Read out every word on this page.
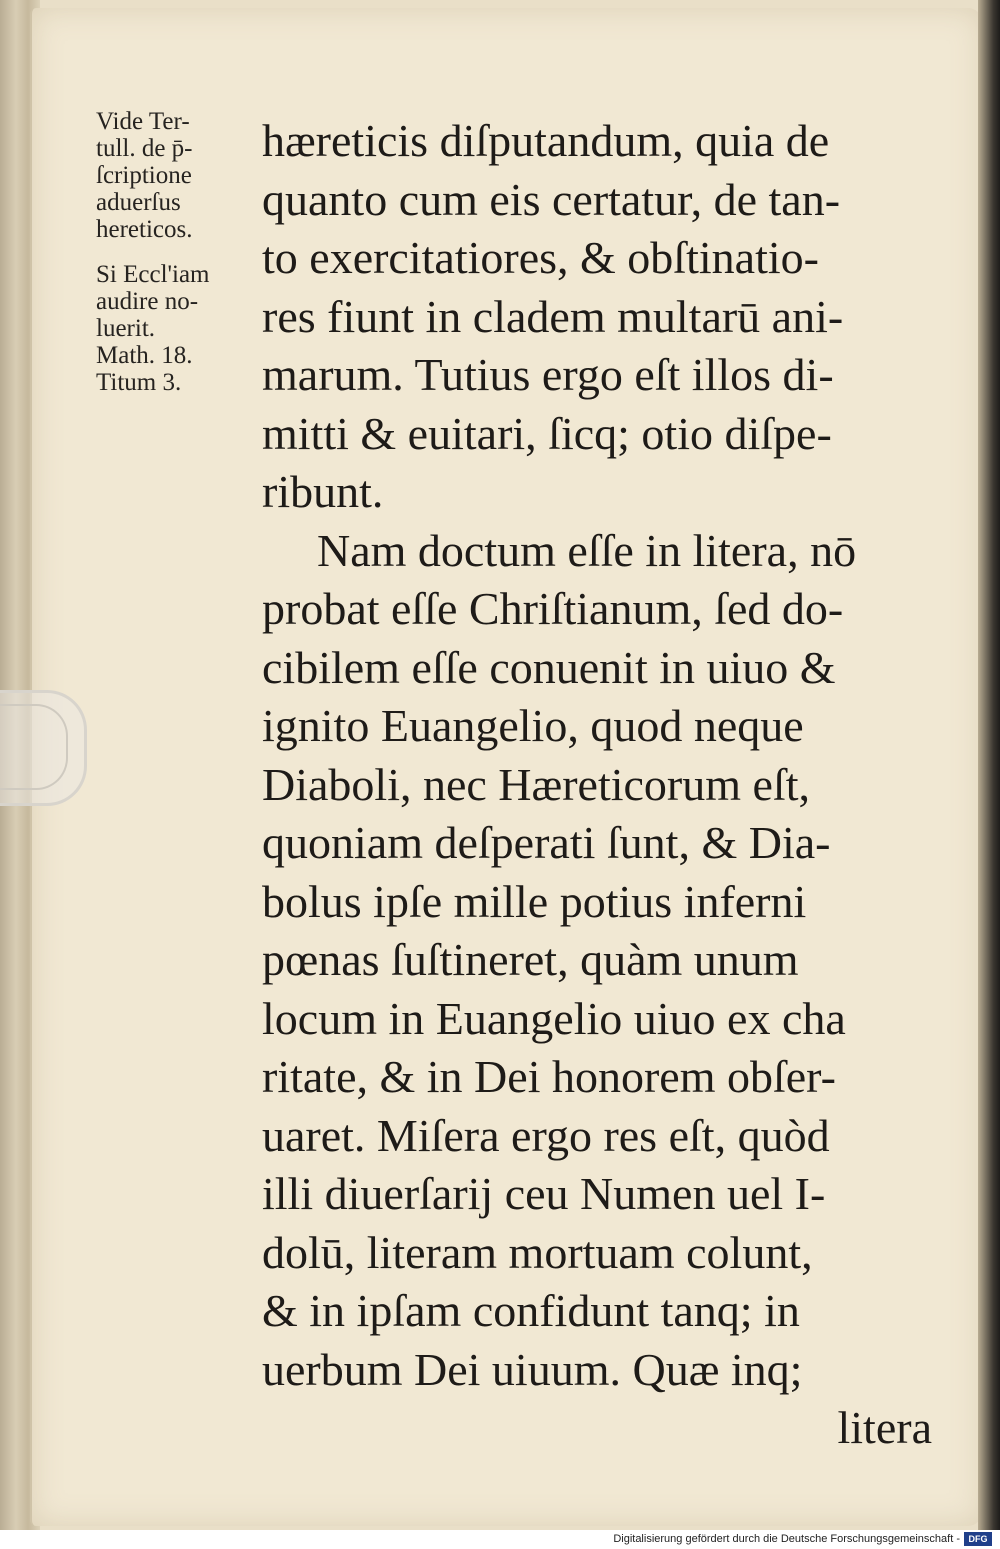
Vide Ter-
tull. de p̄-
ſcriptione
aduerſus
hereticos.
Si Eccl'iam
audire no-
luerit.
Math. 18.
Titum 3.
hæreticis diſputandum, quia de
quanto cum eis certatur, de tan-
to exercitatiores, & obſtinatio-
res fiunt in cladem multarū ani-
marum. Tutius ergo eſt illos di-
mitti & euitari, ſicq; otio diſpe-
ribunt.
Nam doctum eſſe in litera, nō
probat eſſe Chriſtianum, ſed do-
cibilem eſſe conuenit in uiuo &
ignito Euangelio, quod neque
Diaboli, nec Hæreticorum eſt,
quoniam deſperati ſunt, & Dia-
bolus ipſe mille potius inferni
pœnas ſuſtineret, quàm unum
locum in Euangelio uiuo ex cha
ritate, & in Dei honorem obſer-
uaret. Miſera ergo res eſt, quòd
illi diuerſarij ceu Numen uel I-
dolū, literam mortuam colunt,
& in ipſam confidunt tanq; in
uerbum Dei uiuum. Quæ inq;
litera
Digitalisierung gefördert durch die Deutsche Forschungsgemeinschaft - DFG
